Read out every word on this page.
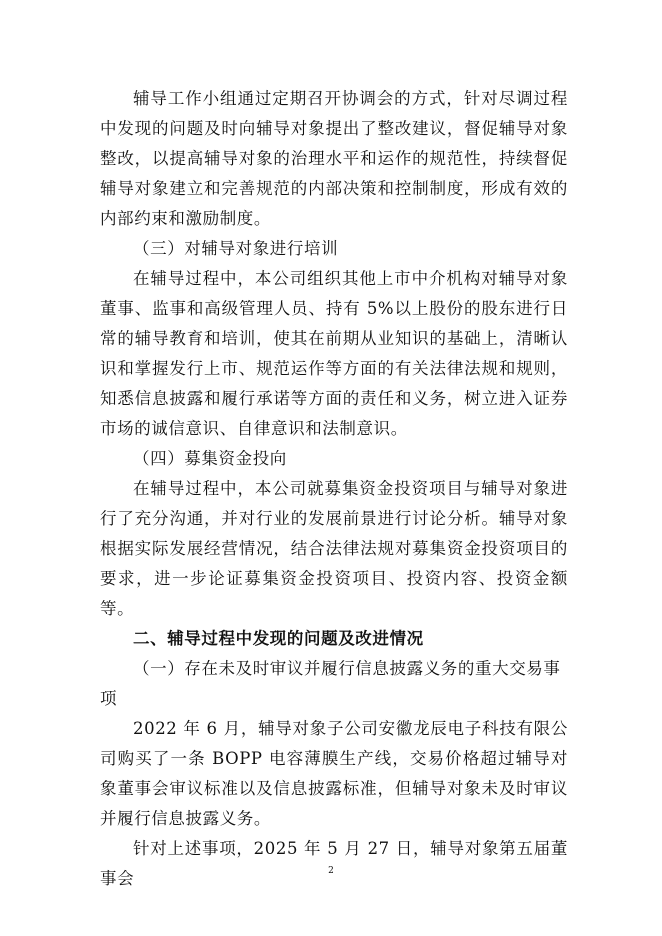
辅导工作小组通过定期召开协调会的方式，针对尽调过程中发现的问题及时向辅导对象提出了整改建议，督促辅导对象整改，以提高辅导对象的治理水平和运作的规范性，持续督促辅导对象建立和完善规范的内部决策和控制制度，形成有效的内部约束和激励制度。

（三）对辅导对象进行培训

在辅导过程中，本公司组织其他上市中介机构对辅导对象董事、监事和高级管理人员、持有 5%以上股份的股东进行日常的辅导教育和培训，使其在前期从业知识的基础上，清晰认识和掌握发行上市、规范运作等方面的有关法律法规和规则，知悉信息披露和履行承诺等方面的责任和义务，树立进入证券市场的诚信意识、自律意识和法制意识。

（四）募集资金投向

在辅导过程中，本公司就募集资金投资项目与辅导对象进行了充分沟通，并对行业的发展前景进行讨论分析。辅导对象根据实际发展经营情况，结合法律法规对募集资金投资项目的要求，进一步论证募集资金投资项目、投资内容、投资金额等。

二、辅导过程中发现的问题及改进情况

（一）存在未及时审议并履行信息披露义务的重大交易事项

2022 年 6 月，辅导对象子公司安徽龙辰电子科技有限公司购买了一条 BOPP 电容薄膜生产线，交易价格超过辅导对象董事会审议标准以及信息披露标准，但辅导对象未及时审议并履行信息披露义务。

针对上述事项，2025 年 5 月 27 日，辅导对象第五届董事会	2
